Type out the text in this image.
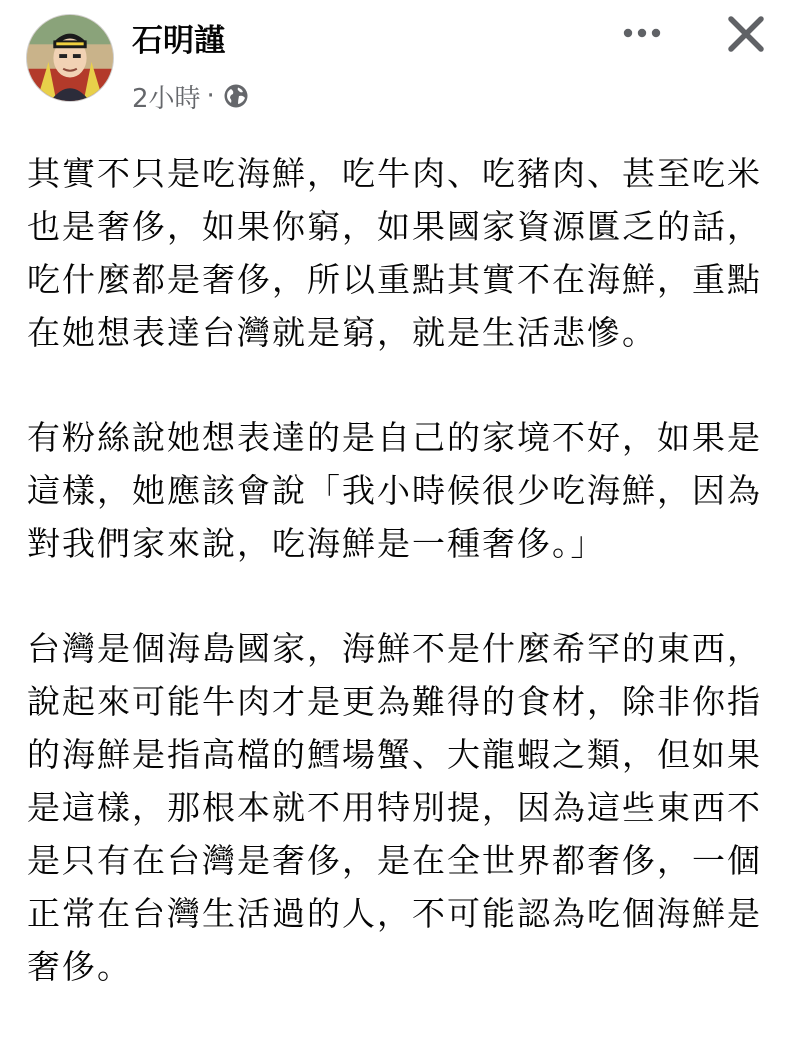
石明謹
2小時 ·

其實不只是吃海鮮，吃牛肉、吃豬肉、甚至吃米
也是奢侈，如果你窮，如果國家資源匱乏的話，
吃什麼都是奢侈，所以重點其實不在海鮮，重點
在她想表達台灣就是窮，就是生活悲慘。

有粉絲說她想表達的是自己的家境不好，如果是
這樣，她應該會說「我小時候很少吃海鮮，因為
對我們家來說，吃海鮮是一種奢侈。」

台灣是個海島國家，海鮮不是什麼希罕的東西，
說起來可能牛肉才是更為難得的食材，除非你指
的海鮮是指高檔的鱈場蟹、大龍蝦之類，但如果
是這樣，那根本就不用特別提，因為這些東西不
是只有在台灣是奢侈，是在全世界都奢侈，一個
正常在台灣生活過的人，不可能認為吃個海鮮是
奢侈。
